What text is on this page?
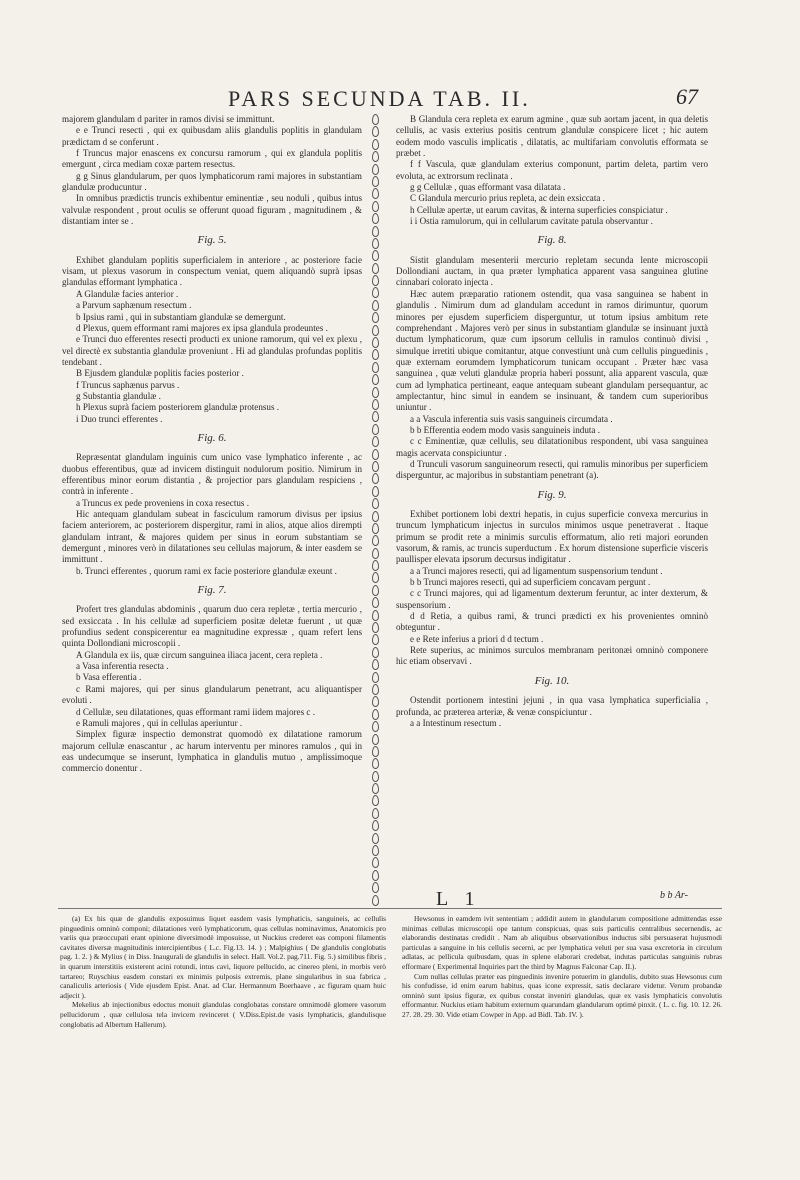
PARS SECUNDA TAB. II.	67

majorem glandulam d pariter in ramos divisi se immittunt.

e e Trunci resecti , qui ex quibusdam aliis glandulis poplitis in glandulam prædictam d se conferunt .

f Truncus major enascens ex concursu ramorum , qui ex glandula poplitis emergunt , circa mediam coxæ partem resectus.

g g Sinus glandularum, per quos lymphaticorum rami majores in substantiam glandulæ producuntur .

In omnibus prædictis truncis exhibentur eminentiæ , seu noduli , quibus intus valvulæ respondent , prout oculis se offerunt quoad figuram , magnitudinem , & distantiam inter se .

Fig. 5.

Exhibet glandulam poplitis superficialem in anteriore , ac posteriore facie visam, ut plexus vasorum in conspectum veniat, quem aliquandò suprà ipsas glandulas efformant lymphatica .

A Glandulæ facies anterior .

a Parvum saphænum resectum .

b Ipsius rami , qui in substantiam glandulæ se demergunt.

d Plexus, quem efformant rami majores ex ipsa glandula prodeuntes .

e Trunci duo efferentes resecti producti ex unione ramorum, qui vel ex plexu , vel directè ex substantia glandulæ proveniunt . Hi ad glandulas profundas poplitis tendebant .

B Ejusdem glandulæ poplitis facies posterior .

f Truncus saphænus parvus .

g Substantia glandulæ .

h Plexus suprà faciem posteriorem glandulæ protensus .

i Duo trunci efferentes .

Fig. 6.

Repræsentat glandulam inguinis cum unico vase lymphatico inferente , ac duobus efferentibus, quæ ad invicem distinguit nodulorum positio. Nimirum in efferentibus minor eorum distantia , & projectior pars glandulam respiciens , contrà in inferente .

a Truncus ex pede proveniens in coxa resectus .

Hic antequam glandulam subeat in fasciculum ramorum divisus per ipsius faciem anteriorem, ac posteriorem dispergitur, rami in alios, atque alios dirempti glandulam intrant, & majores quidem per sinus in eorum substantiam se demergunt , minores verò in dilatationes seu cellulas majorum, & inter easdem se immittunt .

b. Trunci efferentes , quorum rami ex facie posteriore glandulæ exeunt .

Fig. 7.

Profert tres glandulas abdominis , quarum duo cera repletæ , tertia mercurio , sed exsiccata . In his cellulæ ad superficiem positæ deletæ fuerunt , ut quæ profundius sedent conspicerentur ea magnitudine expressæ , quam refert lens quinta Dollondiani microscopii .

A Glandula ex iis, quæ circum sanguinea iliaca jacent, cera repleta .

a Vasa inferentia resecta .

b Vasa efferentia .

c Rami majores, qui per sinus glandularum penetrant, acu aliquantisper evoluti .

d Cellulæ, seu dilatationes, quas efformant rami iidem majores c .

e Ramuli majores , qui in cellulas aperiuntur .

Simplex figuræ inspectio demonstrat quomodò ex dilatatione ramorum majorum cellulæ enascantur , ac harum interventu per minores ramulos , qui in eas undecumque se inserunt, lymphatica in glandulis mutuo , amplissimoque commercio donentur .

B Glandula cera repleta ex earum agmine , quæ sub aortam jacent, in qua deletis cellulis, ac vasis exterius positis centrum glandulæ conspicere licet ; hic autem eodem modo vasculis implicatis , dilatatis, ac multifariam convolutis efformata se præbet .

f f Vascula, quæ glandulam exterius componunt, partim deleta, partim vero evoluta, ac extrorsum reclinata .

g g Cellulæ , quas efformant vasa dilatata .

C Glandula mercurio prius repleta, ac dein exsiccata .

h Cellulæ apertæ, ut earum cavitas, & interna superficies conspiciatur .

i i Ostia ramulorum, qui in cellularum cavitate patula observantur .

Fig. 8.

Sistit glandulam mesenterii mercurio repletam secunda lente microscopii Dollondiani auctam, in qua præter lymphatica apparent vasa sanguinea glutine cinnabari colorato injecta .

Hæc autem præparatio rationem ostendit, qua vasa sanguinea se habent in glandulis . Nimirum dum ad glandulam accedunt in ramos dirimuntur, quorum minores per ejusdem superficiem disperguntur, ut totum ipsius ambitum rete comprehendant . Majores verò per sinus in substantiam glandulæ se insinuant juxtà ductum lymphaticorum, quæ cum ipsorum cellulis in ramulos continuò divisi , simulque irretiti ubique comitantur, atque convestiunt unà cum cellulis pinguedinis , quæ externam eorumdem lymphaticorum tunicam occupant . Præter hæc vasa sanguinea , quæ veluti glandulæ propria haberi possunt, alia apparent vascula, quæ cum ad lymphatica pertineant, eaque antequam subeant glandulam persequantur, ac amplectantur, hinc simul in eandem se insinuant, & tandem cum superioribus uniuntur .

a a Vascula inferentia suis vasis sanguineis circumdata .

b b Efferentia eodem modo vasis sanguineis induta .

c c Eminentiæ, quæ cellulis, seu dilatationibus respondent, ubi vasa sanguinea magis acervata conspiciuntur .

d Trunculi vasorum sanguineorum resecti, qui ramulis minoribus per superficiem disperguntur, ac majoribus in substantiam penetrant (a).

Fig. 9.

Exhibet portionem lobi dextri hepatis, in cujus superficie convexa mercurius in truncum lymphaticum injectus in surculos minimos usque penetraverat . Itaque primum se prodit rete a minimis surculis efformatum, alio reti majori eorunden vasorum, & ramis, ac truncis superductum . Ex horum distensione superficie visceris paullisper elevata ipsorum decursus indigitatur .

a a Trunci majores resecti, qui ad ligamentum suspensorium tendunt .

b b Trunci majores resecti, qui ad superficiem concavam pergunt .

c c Trunci majores, qui ad ligamentum dexterum feruntur, ac inter dexterum, & suspensorium .

d d Retia, a quibus rami, & trunci prædicti ex his provenientes omninò obteguntur .

e e Rete inferius a priori d d tectum .

Rete superius, ac minimos surculos membranam peritonæi omninò componere hic etiam observavi .

Fig. 10.

Ostendit portionem intestini jejuni , in qua vasa lymphatica superficialia , profunda, ac præterea arteriæ, & venæ conspiciuntur .

a a Intestinum resectum .

L 1	b b Ar-

(a) Ex his quæ de glandulis exposuimus liquet easdem vasis lymphaticis, sanguineis, ac cellulis pinguedinis omninò componi; dilatationes verò lymphaticorum, quas cellulas nominavimus, Anatomicis pro variis qua præoccupati erant opinione diversimodè imposuisse, ut Nuckius crederet eas componi filamentis cavitates diversæ magnitudinis intercipientibus ( L.c. Fig.13. 14. ) ; Malpighius ( De glandulis conglobatis pag. 1. 2. ) & Mylius ( in Diss. Inaugurali de glandulis in select. Hall. Vol.2. pag.711. Fig. 5.) similibus fibris , in quarum interstitiis existerent acini rotundi, intus cavi, liquore pellucido, ac cinereo pleni, in morbis verò tartareo; Ruyschius easdem constari ex minimis pulposis extremis, plane singularibus in sua fabrica , canaliculis arteriosis ( Vide ejusdem Epist. Anat. ad Clar. Hermannum Boerhaave , ac figuram quam huic adjecit ).

Mekelius ab injectionibus edoctus monuit glandulas conglobatas constare omnimodè glomere vasorum pellucidorum , quæ cellulosa tela invicem revinceret ( V.Diss.Epist.de vasis lymphaticis, glandulisque conglobatis ad Albertum Hallerum).

Hewsonus in eamdem ivit sententiam ; addidit autem in glandularum compositione admittendas esse minimas cellulas microscopii ope tantum conspicuas, quas suis particulis centralibus secernendis, ac elaborandis destinatas credidit . Nam ab aliquibus observationibus inductus sibi persuaserat hujusmodi particulas a sanguine in his cellulis secerni, ac per lymphatica veluti per sua vasa excretoria in circulum adlatas, ac pellicula quibusdam, quas in splene elaborari credebat, indutas particulas sanguinis rubras efformare ( Experimental Inquiries part the third by Magnus Falconar Cap. II.).

Cum nullas cellulas præter eas pinguedinis invenire potuerim in glandulis, dubito suas Hewsonus cum his confudisse, id enim earum habitus, quas icone expressit, satis declarare videtur. Verum probandæ omninò sunt ipsius figuræ, ex quibus constat inveniri glandulas, quæ ex vasis lymphaticis convolutis efformantur. Nuckius etiam habitum externum quarundam glandularum optimè pinxit. ( L. c. fig. 10. 12. 26. 27. 28. 29. 30. Vide etiam Cowper in App. ad Bidl. Tab. IV. ).
